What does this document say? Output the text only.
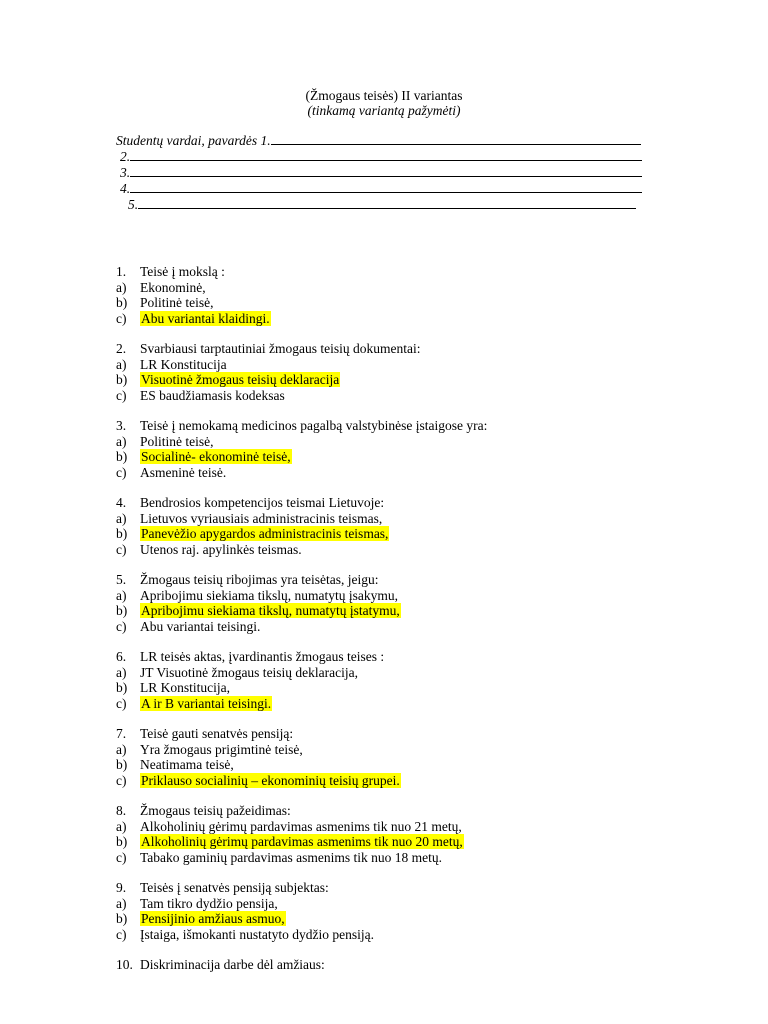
(Žmogaus teisės) II variantas
(tinkamą variantą pažymėti)
Studentų vardai, pavardės 1.
2.
3.
4.
5.
1. Teisė į mokslą :
a) Ekonominė,
b) Politinė teisė,
c) Abu variantai klaidingi.
2. Svarbiausi tarptautiniai žmogaus teisių dokumentai:
a) LR Konstitucija
b) Visuotinė žmogaus teisių deklaracija
c) ES baudžiamasis kodeksas
3. Teisė į nemokamą medicinos pagalbą valstybinėse įstaigose yra:
a) Politinė teisė,
b) Socialinė- ekonominė teisė,
c) Asmeninė teisė.
4. Bendrosios kompetencijos teismai Lietuvoje:
a) Lietuvos vyriausiais administracinis teismas,
b) Panevėžio apygardos administracinis teismas,
c) Utenos raj. apylinkės teismas.
5. Žmogaus teisių ribojimas yra teisėtas, jeigu:
a) Apribojimu siekiama tikslų, numatytų įsakymu,
b) Apribojimu siekiama tikslų, numatytų įstatymu,
c) Abu variantai teisingi.
6. LR teisės aktas, įvardinantis žmogaus teises :
a) JT Visuotinė žmogaus teisių deklaracija,
b) LR Konstitucija,
c) A ir B variantai teisingi.
7. Teisė gauti senatvės pensiją:
a) Yra žmogaus prigimtinė teisė,
b) Neatimama teisė,
c) Priklauso socialinių – ekonominių teisių grupei.
8. Žmogaus teisių pažeidimas:
a) Alkoholinių gėrimų pardavimas asmenims tik nuo 21 metų,
b) Alkoholinių gėrimų pardavimas asmenims tik nuo 20 metų,
c) Tabako gaminių pardavimas asmenims tik nuo 18 metų.
9. Teisės į senatvės pensiją subjektas:
a) Tam tikro dydžio pensija,
b) Pensijinio amžiaus asmuo,
c) Įstaiga, išmokanti nustatyto dydžio pensiją.
10. Diskriminacija darbe dėl amžiaus:
